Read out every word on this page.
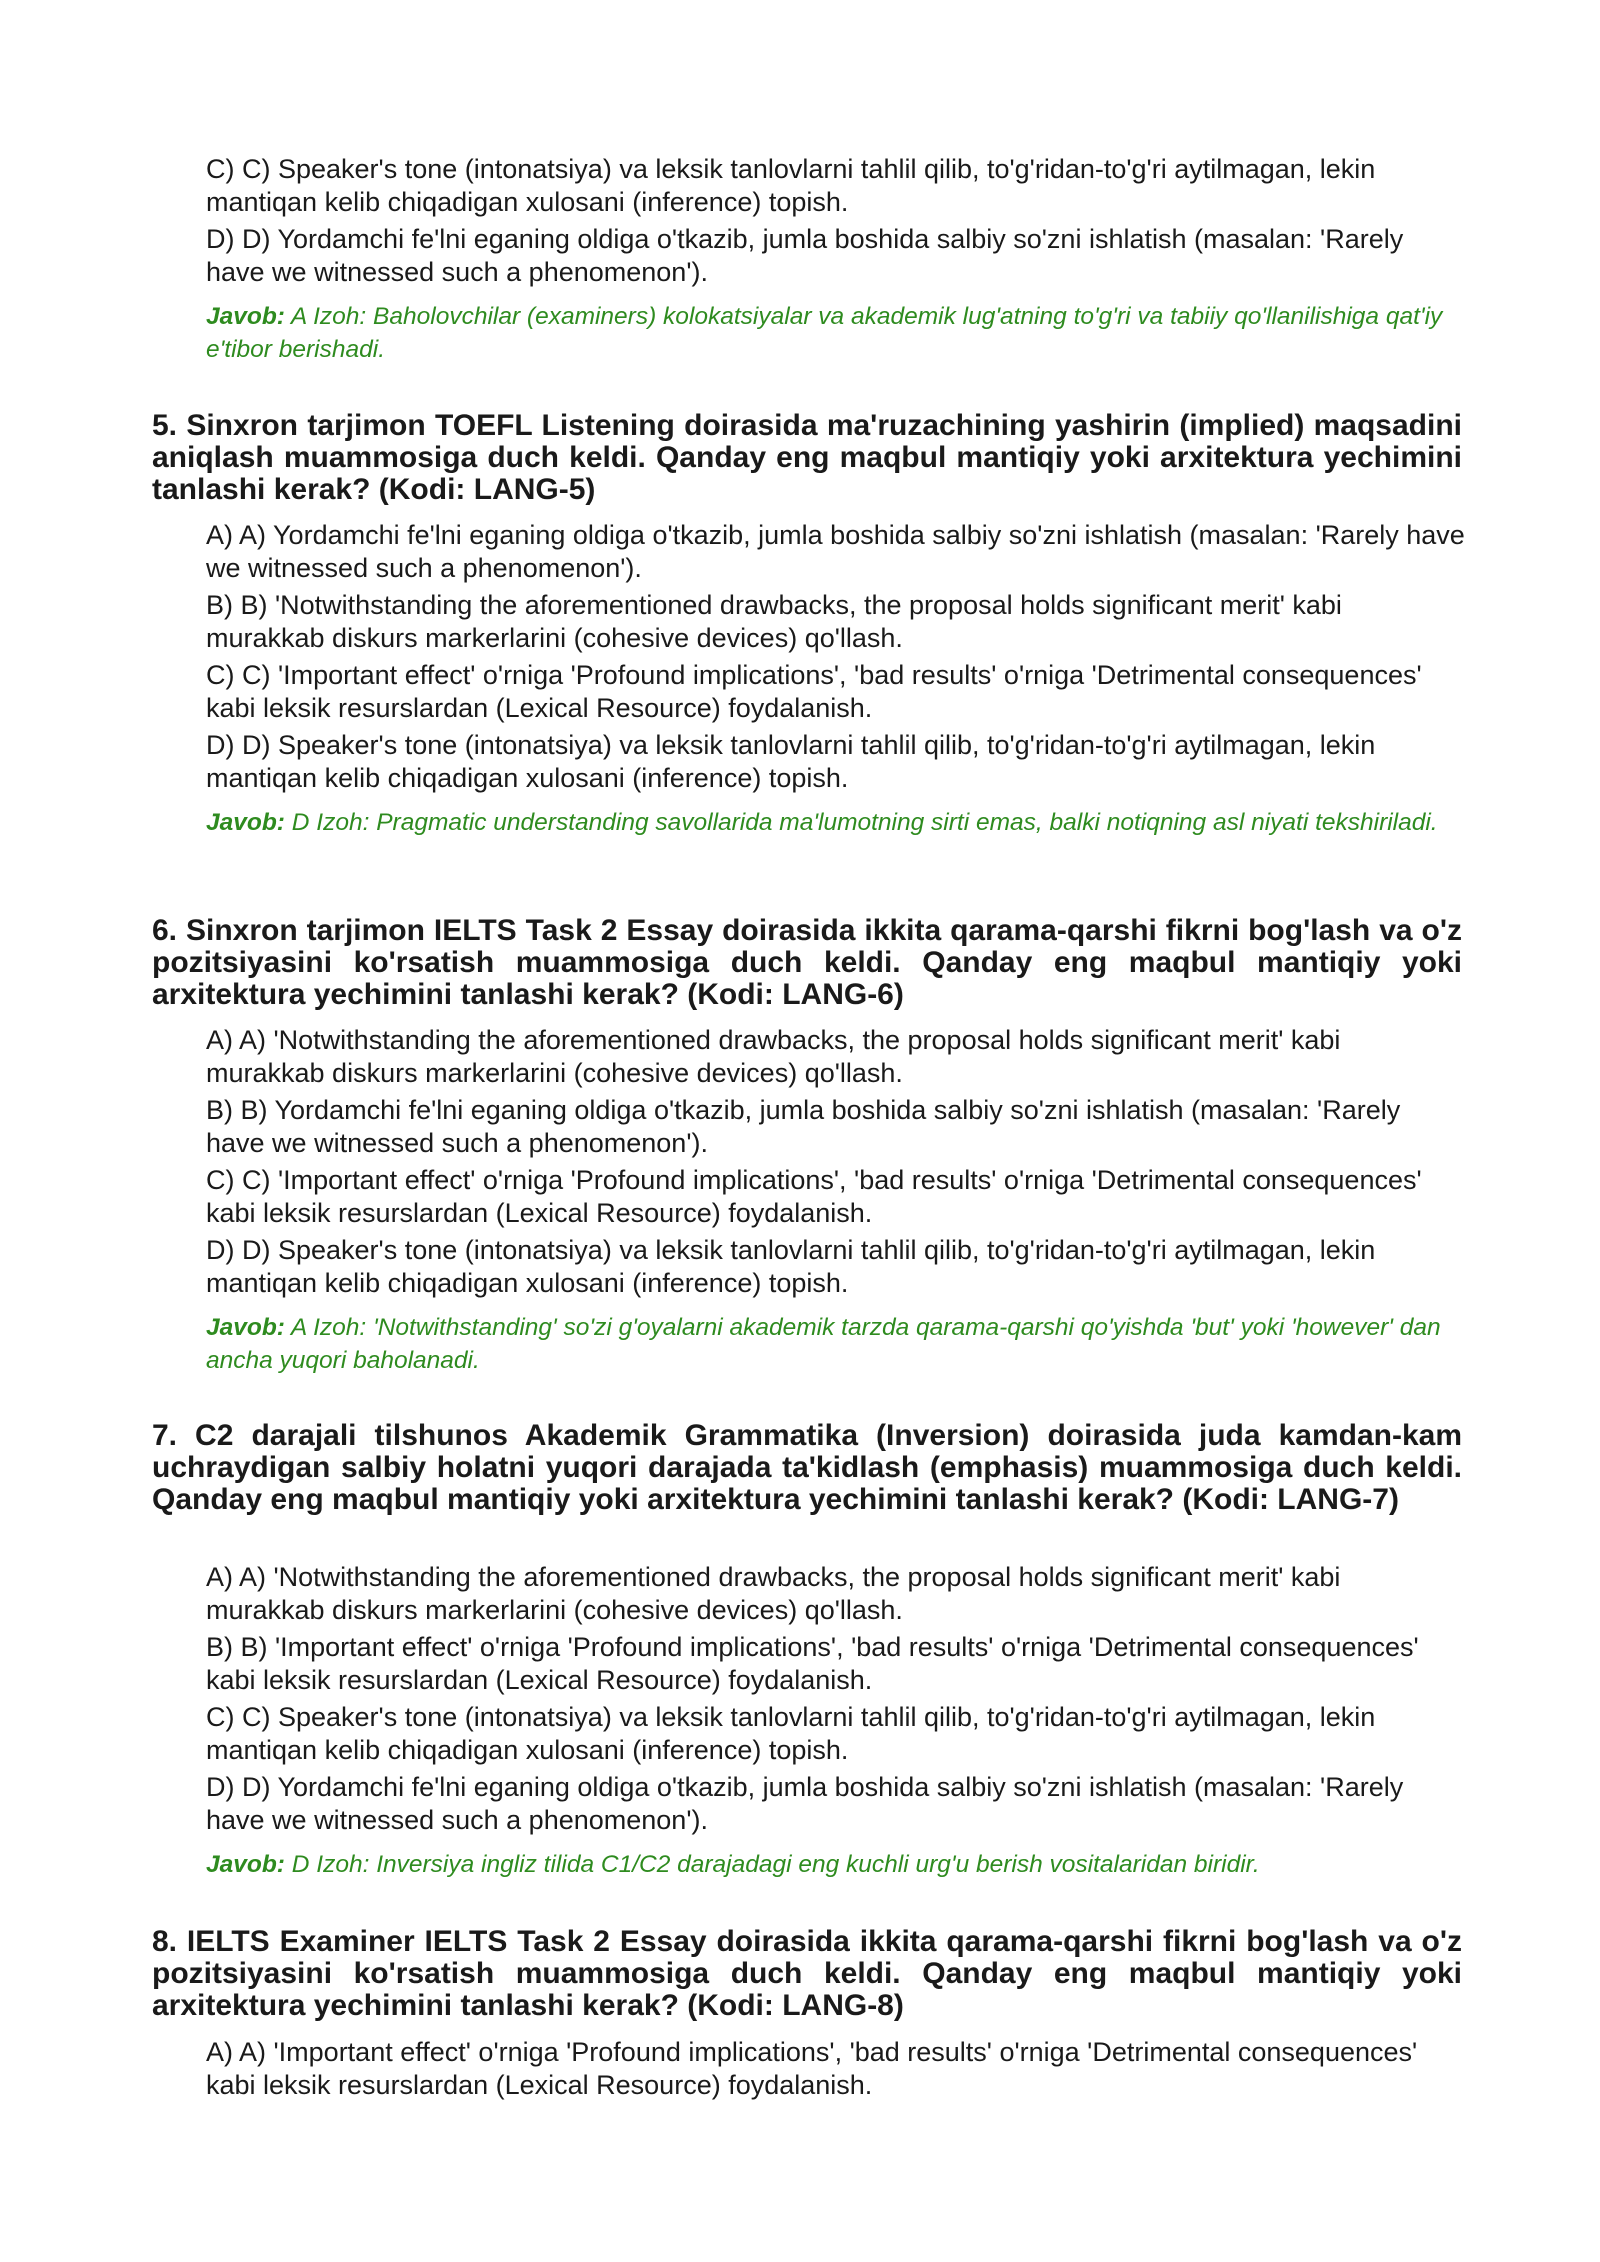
C) C) Speaker's tone (intonatsiya) va leksik tanlovlarni tahlil qilib, to'g'ridan-to'g'ri aytilmagan, lekin mantiqan kelib chiqadigan xulosani (inference) topish.

D) D) Yordamchi fe'lni eganing oldiga o'tkazib, jumla boshida salbiy so'zni ishlatish (masalan: 'Rarely have we witnessed such a phenomenon').

Javob: A Izoh: Baholovchilar (examiners) kolokatsiyalar va akademik lug'atning to'g'ri va tabiiy qo'llanilishiga qat'iy e'tibor berishadi.

5. Sinxron tarjimon TOEFL Listening doirasida ma'ruzachining yashirin (implied) maqsadini aniqlash muammosiga duch keldi. Qanday eng maqbul mantiqiy yoki arxitektura yechimini tanlashi kerak? (Kodi: LANG-5)

A) A) Yordamchi fe'lni eganing oldiga o'tkazib, jumla boshida salbiy so'zni ishlatish (masalan: 'Rarely have we witnessed such a phenomenon').

B) B) 'Notwithstanding the aforementioned drawbacks, the proposal holds significant merit' kabi murakkab diskurs markerlarini (cohesive devices) qo'llash.

C) C) 'Important effect' o'rniga 'Profound implications', 'bad results' o'rniga 'Detrimental consequences' kabi leksik resurslardan (Lexical Resource) foydalanish.

D) D) Speaker's tone (intonatsiya) va leksik tanlovlarni tahlil qilib, to'g'ridan-to'g'ri aytilmagan, lekin mantiqan kelib chiqadigan xulosani (inference) topish.

Javob: D Izoh: Pragmatic understanding savollarida ma'lumotning sirti emas, balki notiqning asl niyati tekshiriladi.

6. Sinxron tarjimon IELTS Task 2 Essay doirasida ikkita qarama-qarshi fikrni bog'lash va o'z pozitsiyasini ko'rsatish muammosiga duch keldi. Qanday eng maqbul mantiqiy yoki arxitektura yechimini tanlashi kerak? (Kodi: LANG-6)

A) A) 'Notwithstanding the aforementioned drawbacks, the proposal holds significant merit' kabi murakkab diskurs markerlarini (cohesive devices) qo'llash.

B) B) Yordamchi fe'lni eganing oldiga o'tkazib, jumla boshida salbiy so'zni ishlatish (masalan: 'Rarely have we witnessed such a phenomenon').

C) C) 'Important effect' o'rniga 'Profound implications', 'bad results' o'rniga 'Detrimental consequences' kabi leksik resurslardan (Lexical Resource) foydalanish.

D) D) Speaker's tone (intonatsiya) va leksik tanlovlarni tahlil qilib, to'g'ridan-to'g'ri aytilmagan, lekin mantiqan kelib chiqadigan xulosani (inference) topish.

Javob: A Izoh: 'Notwithstanding' so'zi g'oyalarni akademik tarzda qarama-qarshi qo'yishda 'but' yoki 'however' dan ancha yuqori baholanadi.

7. C2 darajali tilshunos Akademik Grammatika (Inversion) doirasida juda kamdan-kam uchraydigan salbiy holatni yuqori darajada ta'kidlash (emphasis) muammosiga duch keldi. Qanday eng maqbul mantiqiy yoki arxitektura yechimini tanlashi kerak? (Kodi: LANG-7)

A) A) 'Notwithstanding the aforementioned drawbacks, the proposal holds significant merit' kabi murakkab diskurs markerlarini (cohesive devices) qo'llash.

B) B) 'Important effect' o'rniga 'Profound implications', 'bad results' o'rniga 'Detrimental consequences' kabi leksik resurslardan (Lexical Resource) foydalanish.

C) C) Speaker's tone (intonatsiya) va leksik tanlovlarni tahlil qilib, to'g'ridan-to'g'ri aytilmagan, lekin mantiqan kelib chiqadigan xulosani (inference) topish.

D) D) Yordamchi fe'lni eganing oldiga o'tkazib, jumla boshida salbiy so'zni ishlatish (masalan: 'Rarely have we witnessed such a phenomenon').

Javob: D Izoh: Inversiya ingliz tilida C1/C2 darajadagi eng kuchli urg'u berish vositalaridan biridir.

8. IELTS Examiner IELTS Task 2 Essay doirasida ikkita qarama-qarshi fikrni bog'lash va o'z pozitsiyasini ko'rsatish muammosiga duch keldi. Qanday eng maqbul mantiqiy yoki arxitektura yechimini tanlashi kerak? (Kodi: LANG-8)

A) A) 'Important effect' o'rniga 'Profound implications', 'bad results' o'rniga 'Detrimental consequences' kabi leksik resurslardan (Lexical Resource) foydalanish.
